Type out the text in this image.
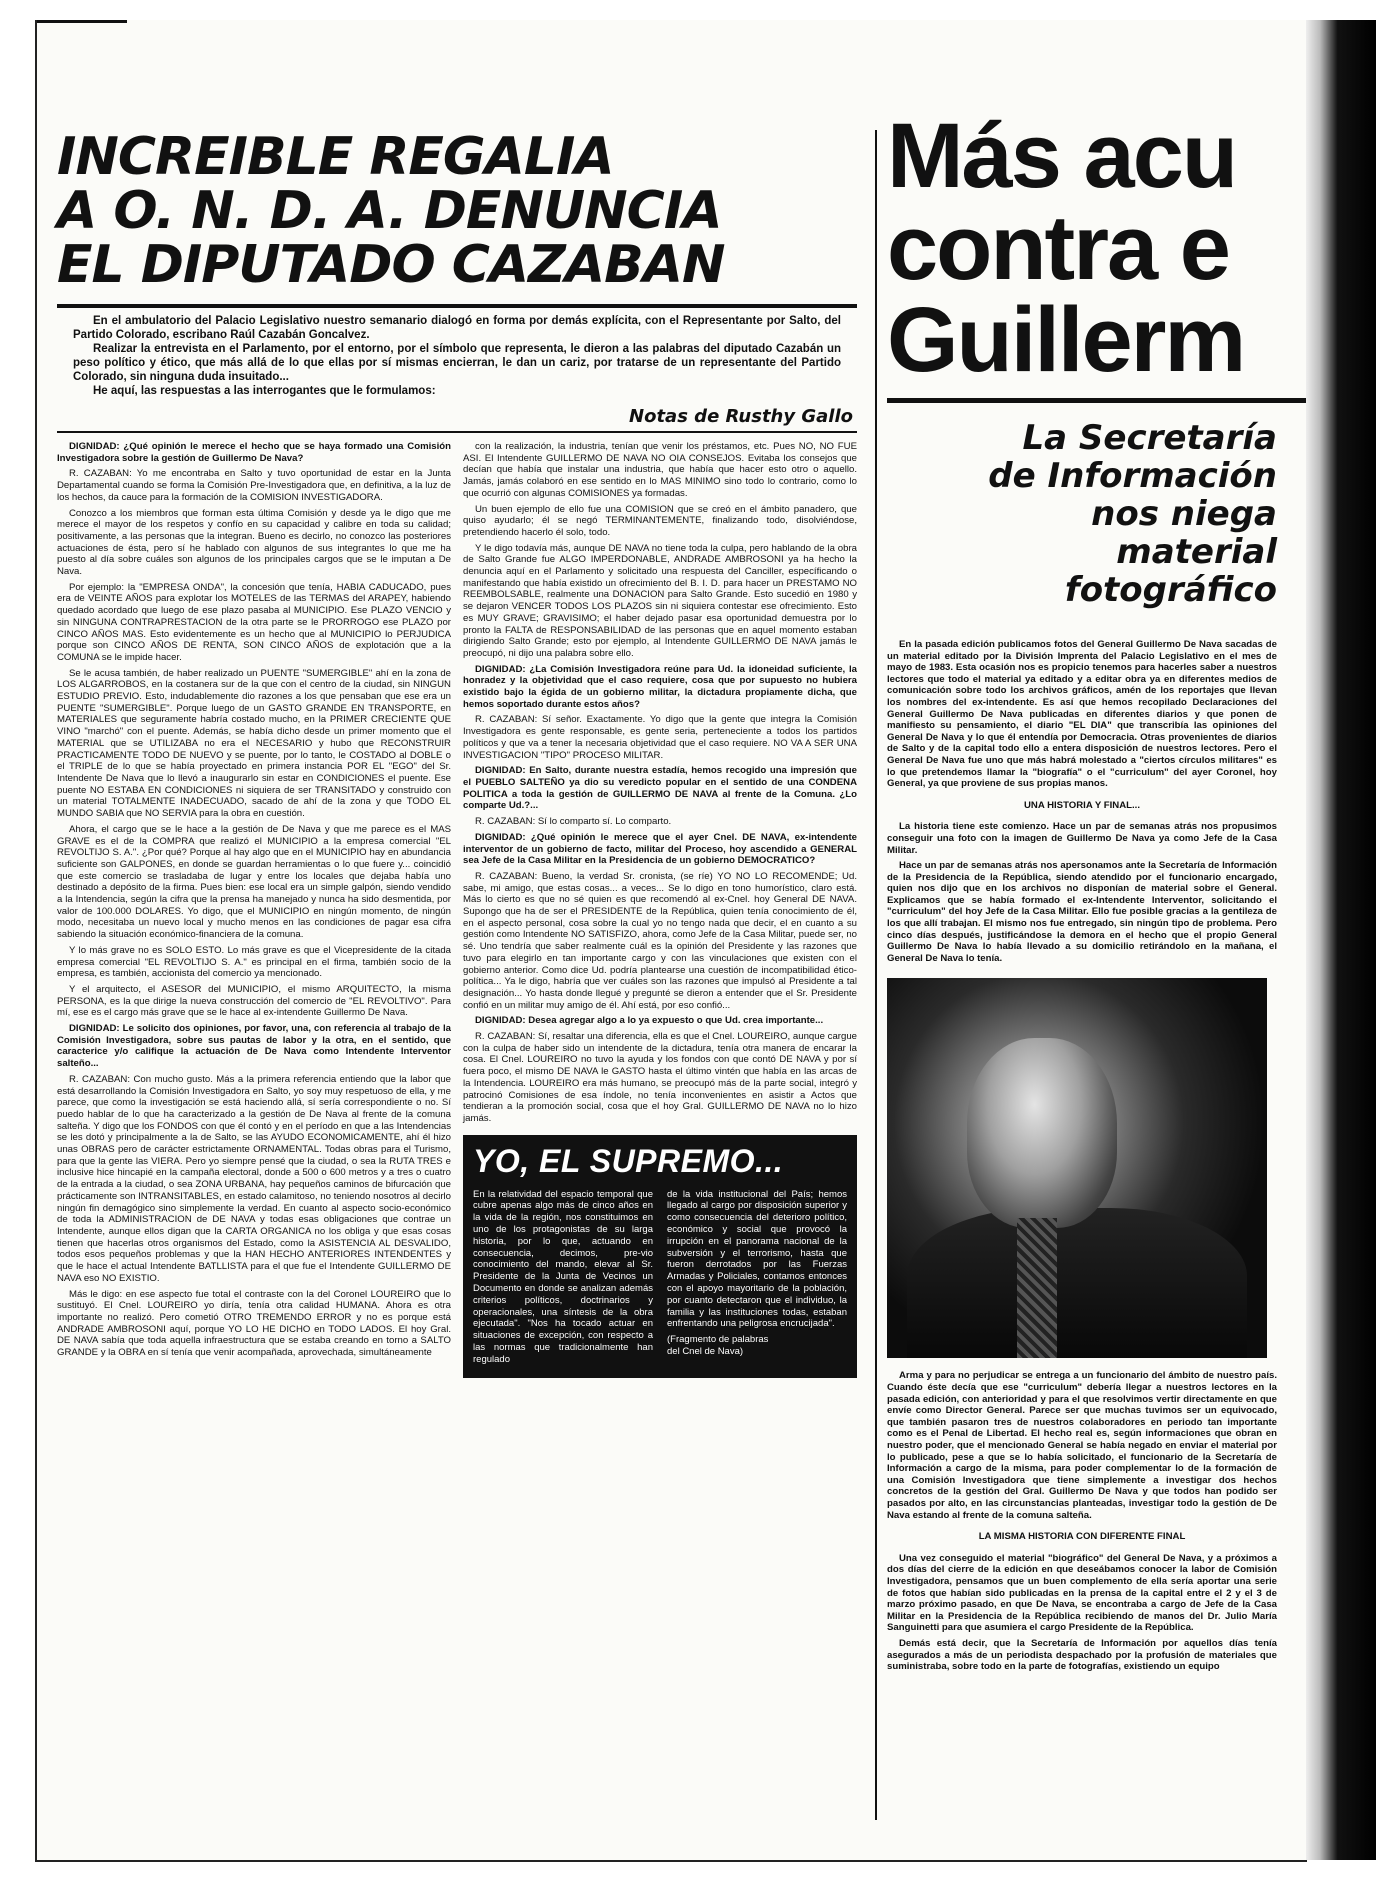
INCREIBLE REGALIA
A O. N. D. A. DENUNCIA
EL DIPUTADO CAZABAN

En el ambulatorio del Palacio Legislativo nuestro semanario dialogó en forma por demás explícita, con el Representante por Salto, del Partido Colorado, escribano Raúl Cazabán Goncalvez.

Realizar la entrevista en el Parlamento, por el entorno, por el símbolo que representa, le dieron a las palabras del diputado Cazabán un peso político y ético, que más allá de lo que ellas por sí mismas encierran, le dan un cariz, por tratarse de un representante del Partido Colorado, sin ninguna duda insuitado...

He aquí, las respuestas a las interrogantes que le formulamos:

Notas de Rusthy Gallo

DIGNIDAD: ¿Qué opinión le merece el hecho que se haya formado una Comisión Investigadora sobre la gestión de Guillermo De Nava?

R. CAZABAN: Yo me encontraba en Salto y tuvo oportunidad de estar en la Junta Departamental cuando se forma la Comisión Pre-Investigadora que, en definitiva, a la luz de los hechos, da cauce para la formación de la COMISION INVESTIGADORA.

Conozco a los miembros que forman esta última Comisión y desde ya le digo que me merece el mayor de los respetos y confío en su capacidad y calibre en toda su calidad; positivamente, a las personas que la integran. Bueno es decirlo, no conozco las posteriores actuaciones de ésta, pero sí he hablado con algunos de sus integrantes lo que me ha puesto al día sobre cuáles son algunos de los principales cargos que se le imputan a De Nava.

Por ejemplo: la "EMPRESA ONDA", la concesión que tenía, HABIA CADUCADO, pues era de VEINTE AÑOS para explotar los MOTELES de las TERMAS del ARAPEY, habiendo quedado acordado que luego de ese plazo pasaba al MUNICIPIO. Ese PLAZO VENCIO y sin NINGUNA CONTRAPRESTACION de la otra parte se le PRORROGO ese PLAZO por CINCO AÑOS MAS. Esto evidentemente es un hecho que al MUNICIPIO lo PERJUDICA porque son CINCO AÑOS DE RENTA, SON CINCO AÑOS de explotación que a la COMUNA se le impide hacer.

Se le acusa también, de haber realizado un PUENTE "SUMERGIBLE" ahí en la zona de LOS ALGARROBOS, en la costanera sur de la que con el centro de la ciudad, sin NINGUN ESTUDIO PREVIO. Esto, indudablemente dio razones a los que pensaban que ese era un PUENTE "SUMERGIBLE". Porque luego de un GASTO GRANDE EN TRANSPORTE, en MATERIALES que seguramente habría costado mucho, en la PRIMER CRECIENTE QUE VINO "marchó" con el puente. Además, se había dicho desde un primer momento que el MATERIAL que se UTILIZABA no era el NECESARIO y hubo que RECONSTRUIR PRACTICAMENTE TODO DE NUEVO y se puente, por lo tanto, le COSTADO al DOBLE o el TRIPLE de lo que se había proyectado en primera instancia POR EL "EGO" del Sr. Intendente De Nava que lo llevó a inaugurarlo sin estar en CONDICIONES el puente. Ese puente NO ESTABA EN CONDICIONES ni siquiera de ser TRANSITADO y construido con un material TOTALMENTE INADECUADO, sacado de ahí de la zona y que TODO EL MUNDO SABIA que NO SERVIA para la obra en cuestión.

Ahora, el cargo que se le hace a la gestión de De Nava y que me parece es el MAS GRAVE es el de la COMPRA que realizó el MUNICIPIO a la empresa comercial "EL REVOLTIJO S. A.". ¿Por qué? Porque al hay algo que en el MUNICIPIO hay en abundancia suficiente son GALPONES, en donde se guardan herramientas o lo que fuere y... coincidió que este comercio se trasladaba de lugar y entre los locales que dejaba había uno destinado a depósito de la firma. Pues bien: ese local era un simple galpón, siendo vendido a la Intendencia, según la cifra que la prensa ha manejado y nunca ha sido desmentida, por valor de 100.000 DOLARES. Yo digo, que el MUNICIPIO en ningún momento, de ningún modo, necesitaba un nuevo local y mucho menos en las condiciones de pagar esa cifra sabiendo la situación económico-financiera de la comuna.

Y lo más grave no es SOLO ESTO. Lo más grave es que el Vicepresidente de la citada empresa comercial "EL REVOLTIJO S. A." es principal en el firma, también socio de la empresa, es también, accionista del comercio ya mencionado.

Y el arquitecto, el ASESOR del MUNICIPIO, el mismo ARQUITECTO, la misma PERSONA, es la que dirige la nueva construcción del comercio de "EL REVOLTIVO". Para mí, ese es el cargo más grave que se le hace al ex-intendente Guillermo De Nava.

DIGNIDAD: Le solicito dos opiniones, por favor, una, con referencia al trabajo de la Comisión Investigadora, sobre sus pautas de labor y la otra, en el sentido, que caracterice y/o califique la actuación de De Nava como Intendente Interventor salteño...

R. CAZABAN: Con mucho gusto. Más a la primera referencia entiendo que la labor que está desarrollando la Comisión Investigadora en Salto, yo soy muy respetuoso de ella, y me parece, que como la investigación se está haciendo allá, sí sería correspondiente o no. Sí puedo hablar de lo que ha caracterizado a la gestión de De Nava al frente de la comuna salteña. Y digo que los FONDOS con que él contó y en el período en que a las Intendencias se les dotó y principalmente a la de Salto, se las AYUDO ECONOMICAMENTE, ahí él hizo unas OBRAS pero de carácter estrictamente ORNAMENTAL. Todas obras para el Turismo, para que la gente las VIERA. Pero yo siempre pensé que la ciudad, o sea la RUTA TRES e inclusive hice hincapié en la campaña electoral, donde a 500 o 600 metros y a tres o cuatro de la entrada a la ciudad, o sea ZONA URBANA, hay pequeños caminos de bifurcación que prácticamente son INTRANSITABLES, en estado calamitoso, no teniendo nosotros al decirlo ningún fin demagógico sino simplemente la verdad. En cuanto al aspecto socio-económico de toda la ADMINISTRACION de DE NAVA y todas esas obligaciones que contrae un Intendente, aunque ellos digan que la CARTA ORGANICA no los obliga y que esas cosas tienen que hacerlas otros organismos del Estado, como la ASISTENCIA AL DESVALIDO, todos esos pequeños problemas y que la HAN HECHO ANTERIORES INTENDENTES y que le hace el actual Intendente BATLLISTA para el que fue el Intendente GUILLERMO DE NAVA eso NO EXISTIO.

Más le digo: en ese aspecto fue total el contraste con la del Coronel LOUREIRO que lo sustituyó. El Cnel. LOUREIRO yo diría, tenía otra calidad HUMANA. Ahora es otra importante no realizó. Pero cometió OTRO TREMENDO ERROR y no es porque está ANDRADE AMBROSONI aquí, porque YO LO HE DICHO en TODO LADOS. El hoy Gral. DE NAVA sabía que toda aquella infraestructura que se estaba creando en torno a SALTO GRANDE y la OBRA en sí tenía que venir acompañada, aprovechada, simultáneamente

con la realización, la industria, tenían que venir los préstamos, etc. Pues NO, NO FUE ASI. El Intendente GUILLERMO DE NAVA NO OIA CONSEJOS. Evitaba los consejos que decían que había que instalar una industria, que había que hacer esto otro o aquello. Jamás, jamás colaboró en ese sentido en lo MAS MINIMO sino todo lo contrario, como lo que ocurrió con algunas COMISIONES ya formadas.

Un buen ejemplo de ello fue una COMISION que se creó en el ámbito panadero, que quiso ayudarlo; él se negó TERMINANTEMENTE, finalizando todo, disolviéndose, pretendiendo hacerlo él solo, todo.

Y le digo todavía más, aunque DE NAVA no tiene toda la culpa, pero hablando de la obra de Salto Grande fue ALGO IMPERDONABLE, ANDRADE AMBROSONI ya ha hecho la denuncia aquí en el Parlamento y solicitado una respuesta del Canciller, específicando o manifestando que había existido un ofrecimiento del B. I. D. para hacer un PRESTAMO NO REEMBOLSABLE, realmente una DONACION para Salto Grande. Esto sucedió en 1980 y se dejaron VENCER TODOS LOS PLAZOS sin ni siquiera contestar ese ofrecimiento. Esto es MUY GRAVE; GRAVISIMO; el haber dejado pasar esa oportunidad demuestra por lo pronto la FALTA de RESPONSABILIDAD de las personas que en aquel momento estaban dirigiendo Salto Grande; esto por ejemplo, al Intendente GUILLERMO DE NAVA jamás le preocupó, ni dijo una palabra sobre ello.

DIGNIDAD: ¿La Comisión Investigadora reúne para Ud. la idoneidad suficiente, la honradez y la objetividad que el caso requiere, cosa que por supuesto no hubiera existido bajo la égida de un gobierno militar, la dictadura propiamente dicha, que hemos soportado durante estos años?

R. CAZABAN: Sí señor. Exactamente. Yo digo que la gente que integra la Comisión Investigadora es gente responsable, es gente seria, perteneciente a todos los partidos políticos y que va a tener la necesaria objetividad que el caso requiere. NO VA A SER UNA INVESTIGACION "TIPO" PROCESO MILITAR.

DIGNIDAD: En Salto, durante nuestra estadía, hemos recogido una impresión que el PUEBLO SALTEÑO ya dio su veredicto popular en el sentido de una CONDENA POLITICA a toda la gestión de GUILLERMO DE NAVA al frente de la Comuna. ¿Lo comparte Ud.?...

R. CAZABAN: Sí lo comparto sí. Lo comparto.

DIGNIDAD: ¿Qué opinión le merece que el ayer Cnel. DE NAVA, ex-intendente interventor de un gobierno de facto, militar del Proceso, hoy ascendido a GENERAL sea Jefe de la Casa Militar en la Presidencia de un gobierno DEMOCRATICO?

R. CAZABAN: Bueno, la verdad Sr. cronista, (se ríe) YO NO LO RECOMENDE; Ud. sabe, mi amigo, que estas cosas... a veces... Se lo digo en tono humorístico, claro está. Más lo cierto es que no sé quien es que recomendó al ex-Cnel. hoy General DE NAVA. Supongo que ha de ser el PRESIDENTE de la República, quien tenía conocimiento de él, en el aspecto personal, cosa sobre la cual yo no tengo nada que decir, el en cuanto a su gestión como Intendente NO SATISFIZO, ahora, como Jefe de la Casa Militar, puede ser, no sé. Uno tendría que saber realmente cuál es la opinión del Presidente y las razones que tuvo para elegirlo en tan importante cargo y con las vinculaciones que existen con el gobierno anterior. Como dice Ud. podría plantearse una cuestión de incompatibilidad ético-política... Ya le digo, habría que ver cuáles son las razones que impulsó al Presidente a tal designación... Yo hasta donde llegué y pregunté se dieron a entender que el Sr. Presidente confió en un militar muy amigo de él. Ahí está, por eso confió...

DIGNIDAD: Desea agregar algo a lo ya expuesto o que Ud. crea importante...

R. CAZABAN: Sí, resaltar una diferencia, ella es que el Cnel. LOUREIRO, aunque cargue con la culpa de haber sido un intendente de la dictadura, tenía otra manera de encarar la cosa. El Cnel. LOUREIRO no tuvo la ayuda y los fondos con que contó DE NAVA y por sí fuera poco, el mismo DE NAVA le GASTO hasta el último vintén que había en las arcas de la Intendencia. LOUREIRO era más humano, se preocupó más de la parte social, integró y patrocinó Comisiones de esa índole, no tenía inconvenientes en asistir a Actos que tendieran a la promoción social, cosa que el hoy Gral. GUILLERMO DE NAVA no lo hizo jamás.

YO, EL SUPREMO...
En la relatividad del espacio temporal que cubre apenas algo más de cinco años en la vida de la región, nos constituimos en uno de los protagonistas de su larga historia, por lo que, actuando en consecuencia, decimos, pre-vio conocimiento del mando, elevar al Sr. Presidente de la Junta de Vecinos un Documento en donde se analizan además criterios políticos, doctrinarios y operacionales, una síntesis de la obra ejecutada". "Nos ha tocado actuar en situaciones de excepción, con respecto a las normas que tradicionalmente han regulado
de la vida institucional del País; hemos llegado al cargo por disposición superior y como consecuencia del deterioro político, económico y social que provocó la irrupción en el panorama nacional de la subversión y el terrorismo, hasta que fueron derrotados por las Fuerzas Armadas y Policiales, contamos entonces con el apoyo mayoritario de la población, por cuanto detectaron que el individuo, la familia y las instituciones todas, estaban enfrentando una peligrosa encrucijada".
(Fragmento de palabras
del Cnel de Nava)
Más acu
contra e
Guillerm
La Secretaría
de Información
nos niega
material
fotográfico

En la pasada edición publicamos fotos del General Guillermo De Nava sacadas de un material editado por la División Imprenta del Palacio Legislativo en el mes de mayo de 1983. Esta ocasión nos es propicio tenemos para hacerles saber a nuestros lectores que todo el material ya editado y a editar obra ya en diferentes medios de comunicación sobre todo los archivos gráficos, amén de los reportajes que llevan los nombres del ex-intendente. Es así que hemos recopilado Declaraciones del General Guillermo De Nava publicadas en diferentes diarios y que ponen de manifiesto su pensamiento, el diario "EL DIA" que transcribía las opiniones del General De Nava y lo que él entendía por Democracia. Otras provenientes de diarios de Salto y de la capital todo ello a entera disposición de nuestros lectores. Pero el General De Nava fue uno que más habrá molestado a "ciertos círculos militares" es lo que pretendemos llamar la "biografía" o el "curriculum" del ayer Coronel, hoy General, ya que proviene de sus propias manos.

UNA HISTORIA Y FINAL...

La historia tiene este comienzo. Hace un par de semanas atrás nos propusimos conseguir una foto con la imagen de Guillermo De Nava ya como Jefe de la Casa Militar.

Hace un par de semanas atrás nos apersonamos ante la Secretaría de Información de la Presidencia de la República, siendo atendido por el funcionario encargado, quien nos dijo que en los archivos no disponían de material sobre el General. Explicamos que se había formado el ex-Intendente Interventor, solicitando el "curriculum" del hoy Jefe de la Casa Militar. Ello fue posible gracias a la gentileza de los que allí trabajan. El mismo nos fue entregado, sin ningún tipo de problema. Pero cinco días después, justificándose la demora en el hecho que el propio General Guillermo De Nava lo había llevado a su domicilio retirándolo en la mañana, el General De Nava lo tenía.

Arma y para no perjudicar se entrega a un funcionario del ámbito de nuestro país. Cuando éste decía que ese "curriculum" debería llegar a nuestros lectores en la pasada edición, con anterioridad y para el que resolvimos vertir directamente en que envíe como Director General. Parece ser que muchas tuvimos ser un equivocado, que también pasaron tres de nuestros colaboradores en periodo tan importante como es el Penal de Libertad. El hecho real es, según informaciones que obran en nuestro poder, que el mencionado General se había negado en enviar el material por lo publicado, pese a que se lo había solicitado, el funcionario de la Secretaría de Información a cargo de la misma, para poder complementar lo de la formación de una Comisión Investigadora que tiene simplemente a investigar dos hechos concretos de la gestión del Gral. Guillermo De Nava y que todos han podido ser pasados por alto, en las circunstancias planteadas, investigar todo la gestión de De Nava estando al frente de la comuna salteña.

LA MISMA HISTORIA CON DIFERENTE FINAL

Una vez conseguido el material "biográfico" del General De Nava, y a próximos a dos días del cierre de la edición en que deseábamos conocer la labor de Comisión Investigadora, pensamos que un buen complemento de ella sería aportar una serie de fotos que habían sido publicadas en la prensa de la capital entre el 2 y el 3 de marzo próximo pasado, en que De Nava, se encontraba a cargo de Jefe de la Casa Militar en la Presidencia de la República recibiendo de manos del Dr. Julio María Sanguinetti para que asumiera el cargo Presidente de la República.

Demás está decir, que la Secretaría de Información por aquellos días tenía asegurados a más de un periodista despachado por la profusión de materiales que suministraba, sobre todo en la parte de fotografías, existiendo un equipo
